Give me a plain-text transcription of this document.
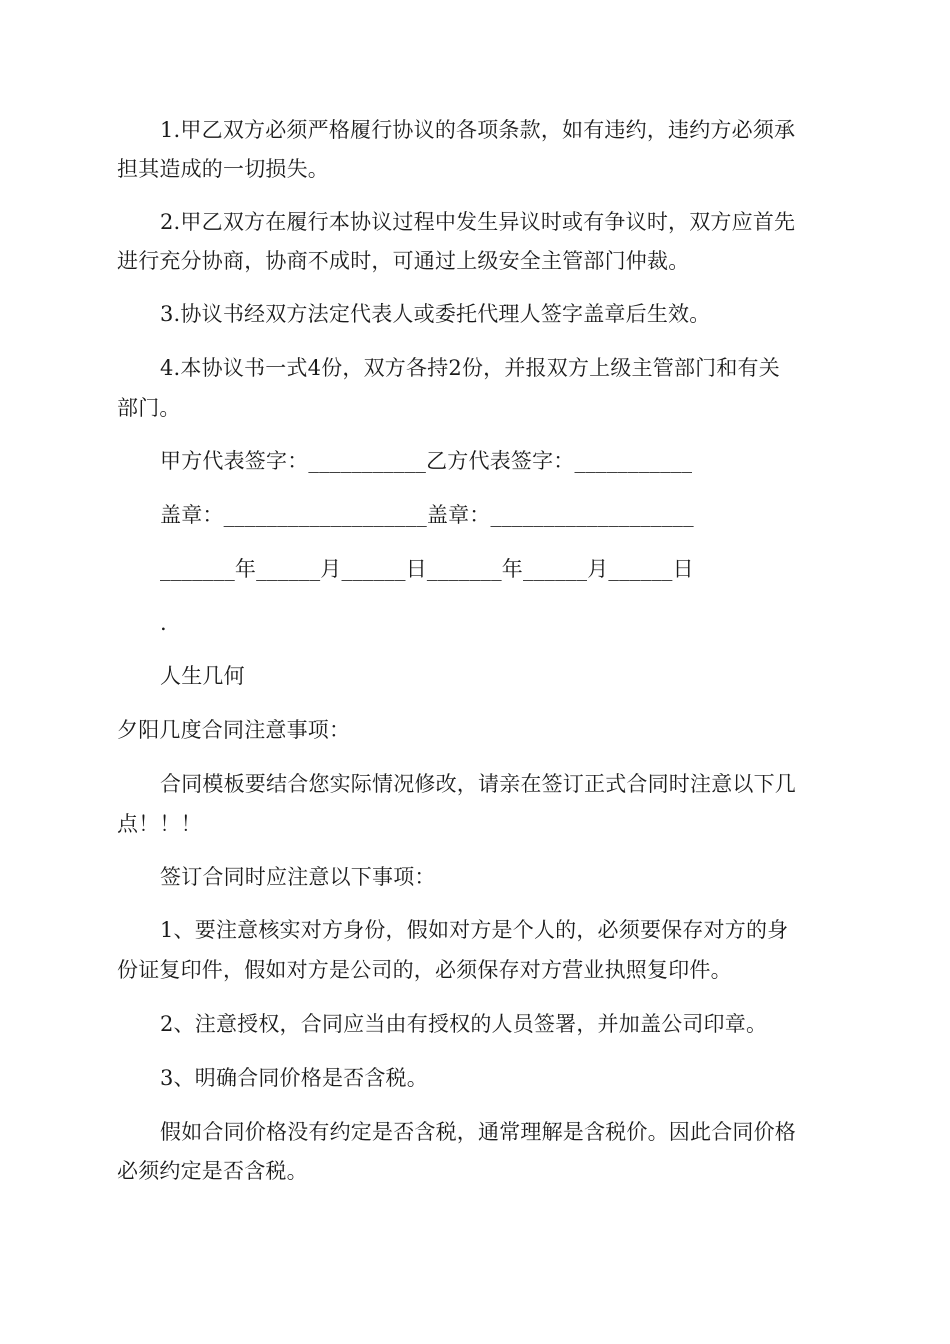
1.甲乙双方必须严格履行协议的各项条款，如有违约，违约方必须承
担其造成的一切损失。
2.甲乙双方在履行本协议过程中发生异议时或有争议时，双方应首先
进行充分协商，协商不成时，可通过上级安全主管部门仲裁。
3.协议书经双方法定代表人或委托代理人签字盖章后生效。
4.本协议书一式4份，双方各持2份，并报双方上级主管部门和有关
部门。
甲方代表签字：___________乙方代表签字：___________
盖章：___________________盖章：___________________
_______年______月______日_______年______月______日
.
人生几何
夕阳几度合同注意事项：
合同模板要结合您实际情况修改，请亲在签订正式合同时注意以下几
点！！！
签订合同时应注意以下事项：
1、要注意核实对方身份，假如对方是个人的，必须要保存对方的身
份证复印件，假如对方是公司的，必须保存对方营业执照复印件。
2、注意授权，合同应当由有授权的人员签署，并加盖公司印章。
3、明确合同价格是否含税。
假如合同价格没有约定是否含税，通常理解是含税价。因此合同价格
必须约定是否含税。
